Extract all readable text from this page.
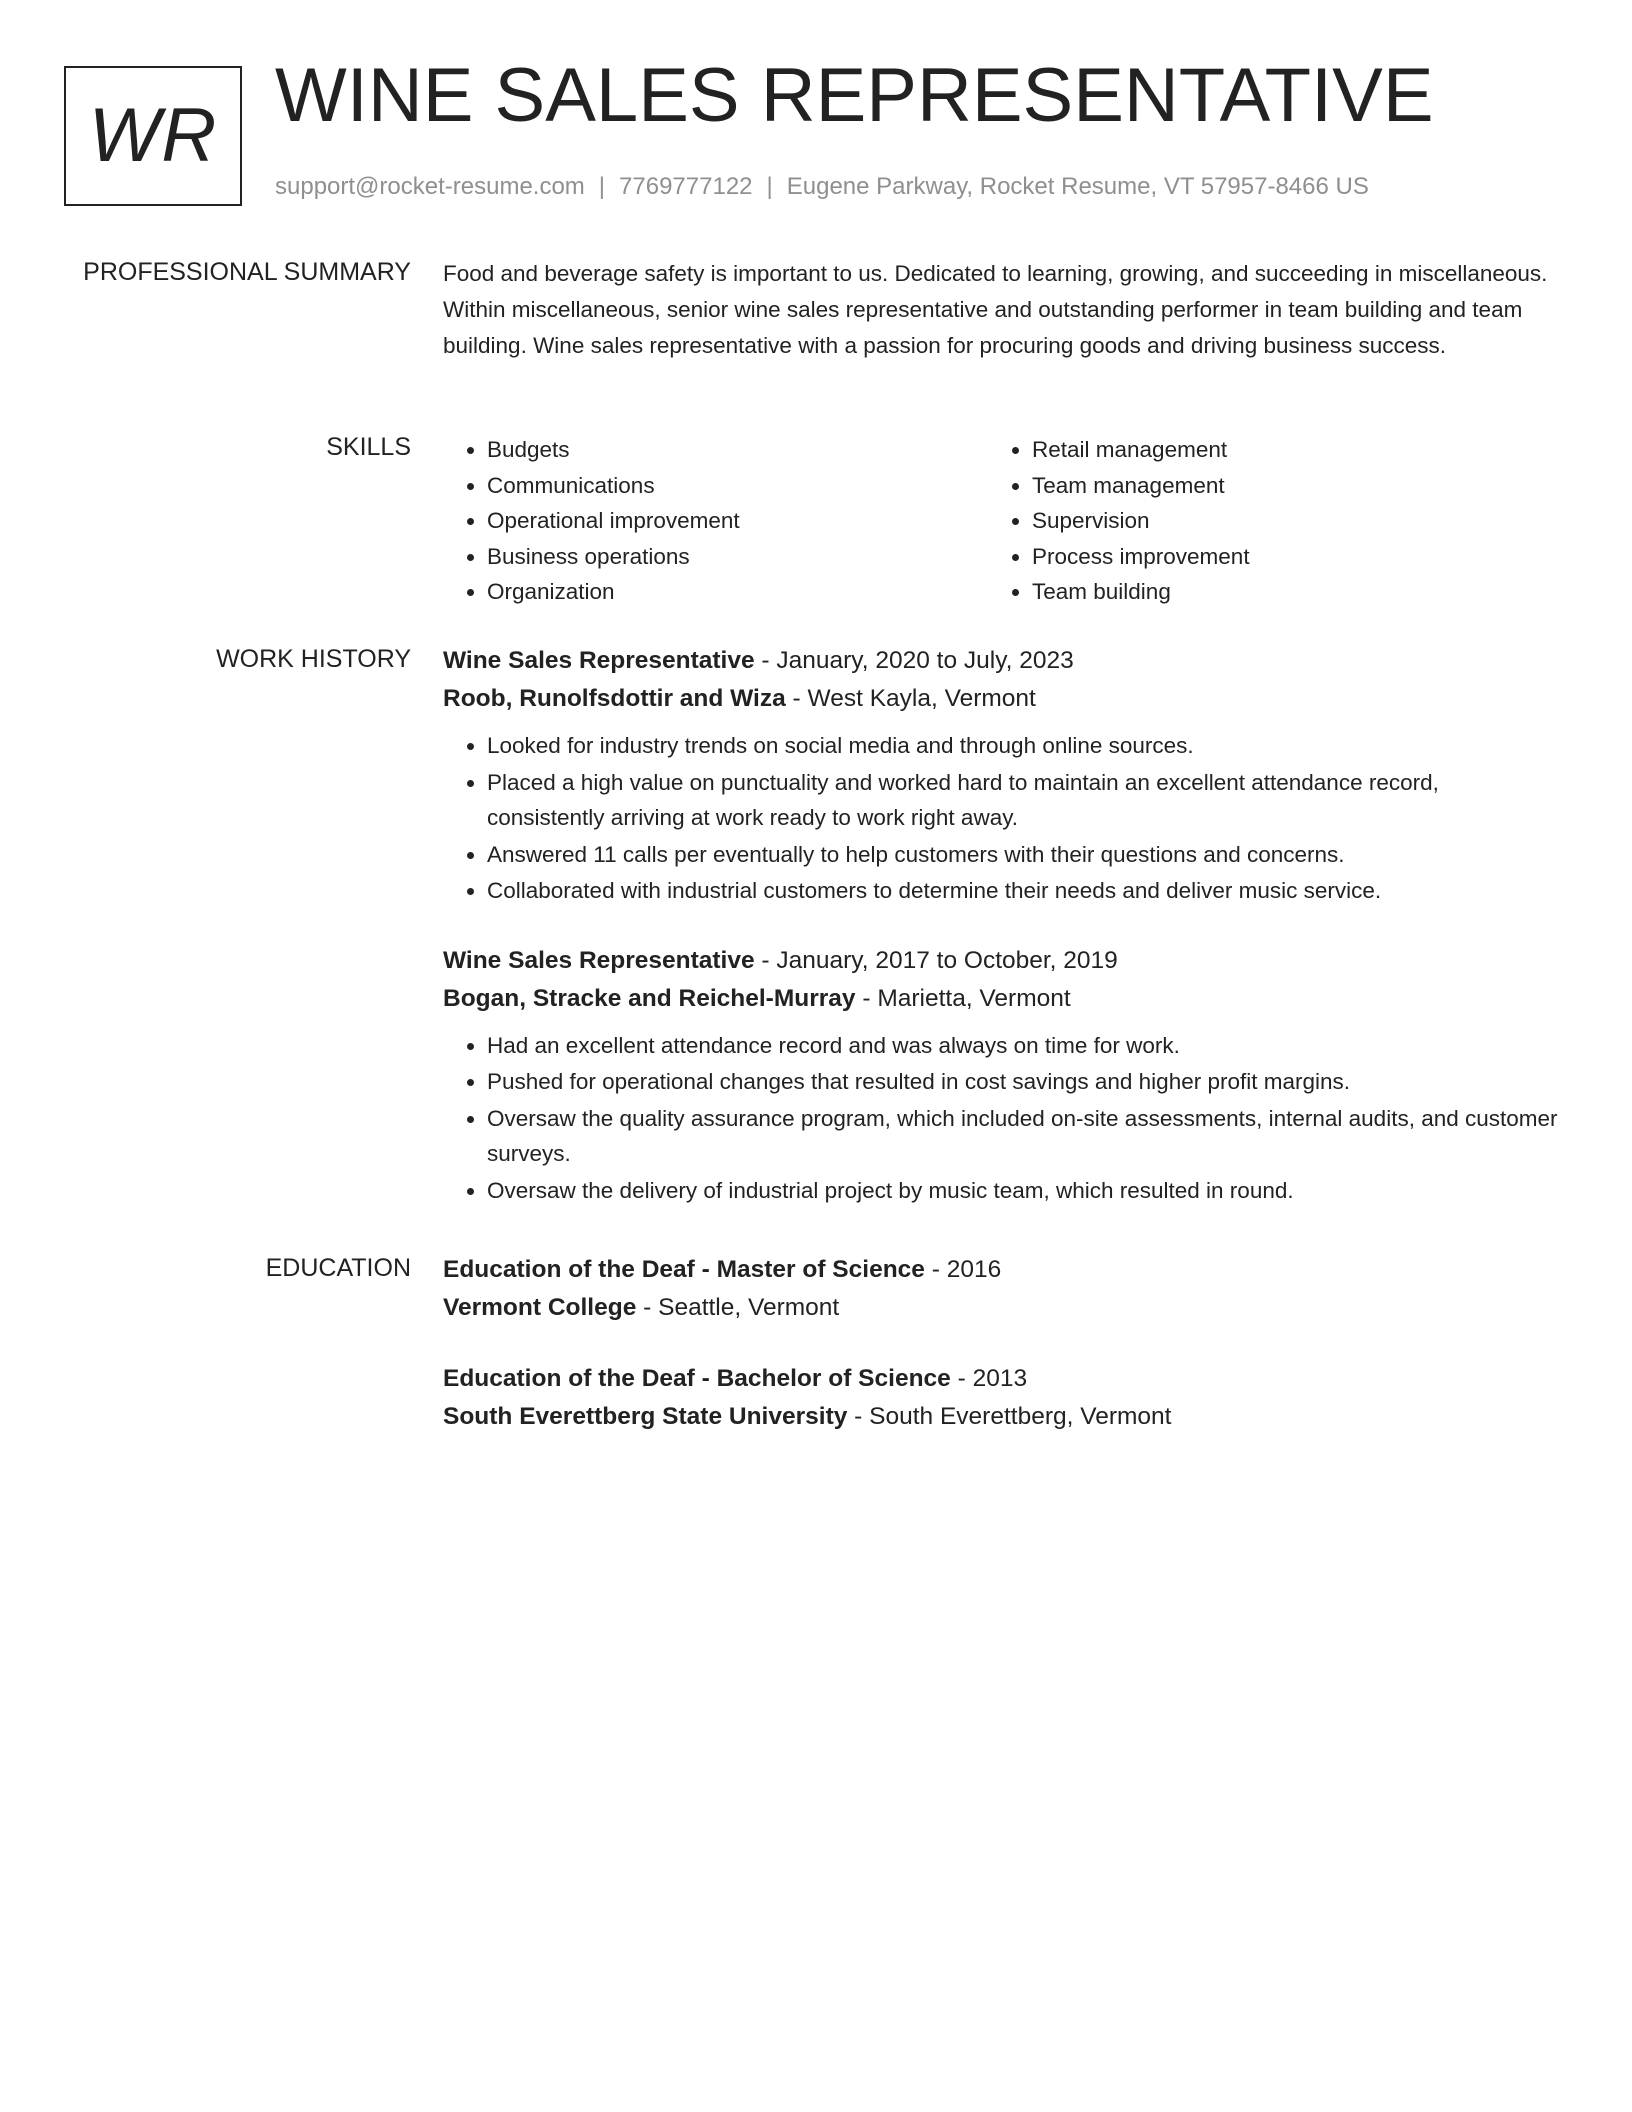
WR WINE SALES REPRESENTATIVE
support@rocket-resume.com | 7769777122 | Eugene Parkway, Rocket Resume, VT 57957-8466 US
PROFESSIONAL SUMMARY Food and beverage safety is important to us. Dedicated to learning, growing, and succeeding in miscellaneous. Within miscellaneous, senior wine sales representative and outstanding performer in team building and team building. Wine sales representative with a passion for procuring goods and driving business success.

SKILLS
•	Budgets
• Communications
• Operational improvement
• Business operations
• Organization
• Retail management
• Team management
• Supervision
• Process improvement
• Team building
WORK HISTORY Wine Sales Representative - January, 2020 to July, 2023

Roob, Runolfsdottir and Wiza - West Kayla, Vermont

• Looked for industry trends on social media and through online sources.
• Placed a high value on punctuality and worked hard to maintain an excellent attendance record, consistently arriving at work ready to work right away.
• Answered 11 calls per eventually to help customers with their questions and concerns.
• Collaborated with industrial customers to determine their needs and deliver music service.

Wine Sales Representative - January, 2017 to October, 2019

Bogan, Stracke and Reichel-Murray - Marietta, Vermont

• Had an excellent attendance record and was always on time for work.
• Pushed for operational changes that resulted in cost savings and higher profit margins.
• Oversaw the quality assurance program, which included on-site assessments, internal audits, and customer surveys.
• Oversaw the delivery of industrial project by music team, which resulted in round.
EDUCATION Education of the Deaf - Master of Science - 2016

Vermont College - Seattle, Vermont

Education of the Deaf - Bachelor of Science - 2013

South Everettberg State University - South Everettberg, Vermont
